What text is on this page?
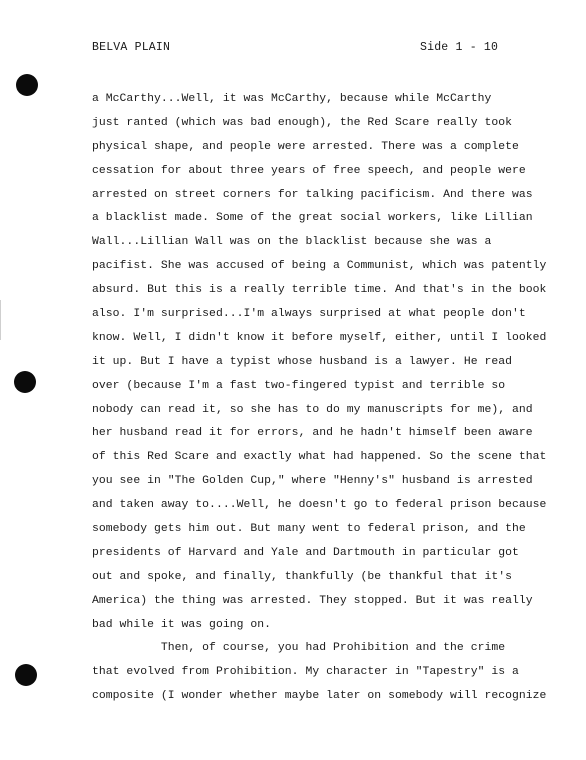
BELVA PLAIN	Side 1 - 10
a McCarthy...Well, it was McCarthy, because while McCarthy
just ranted (which was bad enough), the Red Scare really took
physical shape, and people were arrested. There was a complete
cessation for about three years of free speech, and people were
arrested on street corners for talking pacificism. And there was
a blacklist made. Some of the great social workers, like Lillian
Wall...Lillian Wall was on the blacklist because she was a
pacifist. She was accused of being a Communist, which was patently
absurd. But this is a really terrible time. And that's in the book
also. I'm surprised...I'm always surprised at what people don't
know. Well, I didn't know it before myself, either, until I looked
it up. But I have a typist whose husband is a lawyer. He read
over (because I'm a fast two-fingered typist and terrible so
nobody can read it, so she has to do my manuscripts for me), and
her husband read it for errors, and he hadn't himself been aware
of this Red Scare and exactly what had happened. So the scene that
you see in "The Golden Cup," where "Henny's" husband is arrested
and taken away to....Well, he doesn't go to federal prison because
somebody gets him out. But many went to federal prison, and the
presidents of Harvard and Yale and Dartmouth in particular got
out and spoke, and finally, thankfully (be thankful that it's
America) the thing was arrested. They stopped. But it was really
bad while it was going on.
Then, of course, you had Prohibition and the crime
that evolved from Prohibition. My character in "Tapestry" is a
composite (I wonder whether maybe later on somebody will recognize
